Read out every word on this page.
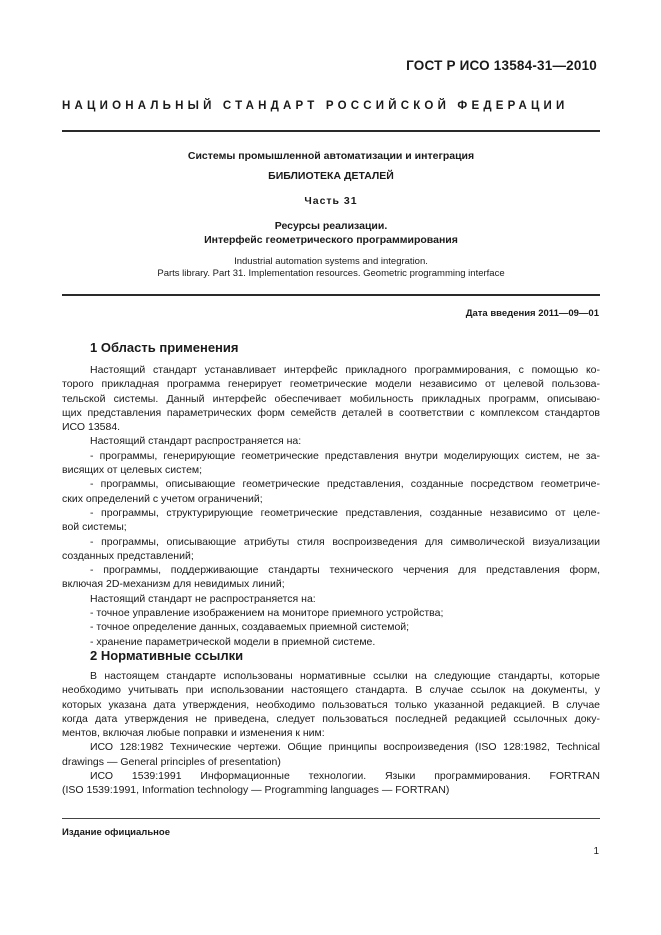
ГОСТ Р ИСО 13584-31—2010
НАЦИОНАЛЬНЫЙ СТАНДАРТ РОССИЙСКОЙ ФЕДЕРАЦИИ
Системы промышленной автоматизации и интеграция
БИБЛИОТЕКА ДЕТАЛЕЙ
Часть 31
Ресурсы реализации.
Интерфейс геометрического программирования
Industrial automation systems and integration.
Parts library. Part 31. Implementation resources. Geometric programming interface
Дата введения 2011—09—01
1 Область применения

Настоящий стандарт устанавливает интерфейс прикладного программирования, с помощью ко-

торого прикладная программа генерирует геометрические модели независимо от целевой пользова-

тельской системы. Данный интерфейс обеспечивает мобильность прикладных программ, описываю-

щих представления параметрических форм семейств деталей в соответствии с комплексом стандартов

ИСО 13584.

Настоящий стандарт распространяется на:

- программы, генерирующие геометрические представления внутри моделирующих систем, не за-

висящих от целевых систем;

- программы, описывающие геометрические представления, созданные посредством геометриче-

ских определений с учетом ограничений;

- программы, структурирующие геометрические представления, созданные независимо от целе-

вой системы;

- программы, описывающие атрибуты стиля воспроизведения для символической визуализации

созданных представлений;

- программы, поддерживающие стандарты технического черчения для представления форм,

включая 2D-механизм для невидимых линий;

Настоящий стандарт не распространяется на:

- точное управление изображением на мониторе приемного устройства;

- точное определение данных, создаваемых приемной системой;

- хранение параметрической модели в приемной системе.

2 Нормативные ссылки

В настоящем стандарте использованы нормативные ссылки на следующие стандарты, которые

необходимо учитывать при использовании настоящего стандарта. В случае ссылок на документы, у

которых указана дата утверждения, необходимо пользоваться только указанной редакцией. В случае

когда дата утверждения не приведена, следует пользоваться последней редакцией ссылочных доку-

ментов, включая любые поправки и изменения к ним:

ИСО 128:1982 Технические чертежи. Общие принципы воспроизведения (ISO 128:1982, Technical

drawings — General principles of presentation)

ИСО 1539:1991 Информационные технологии. Языки программирования. FORTRAN

(ISO 1539:1991, Information technology — Programming languages — FORTRAN)

Издание официальное
1
